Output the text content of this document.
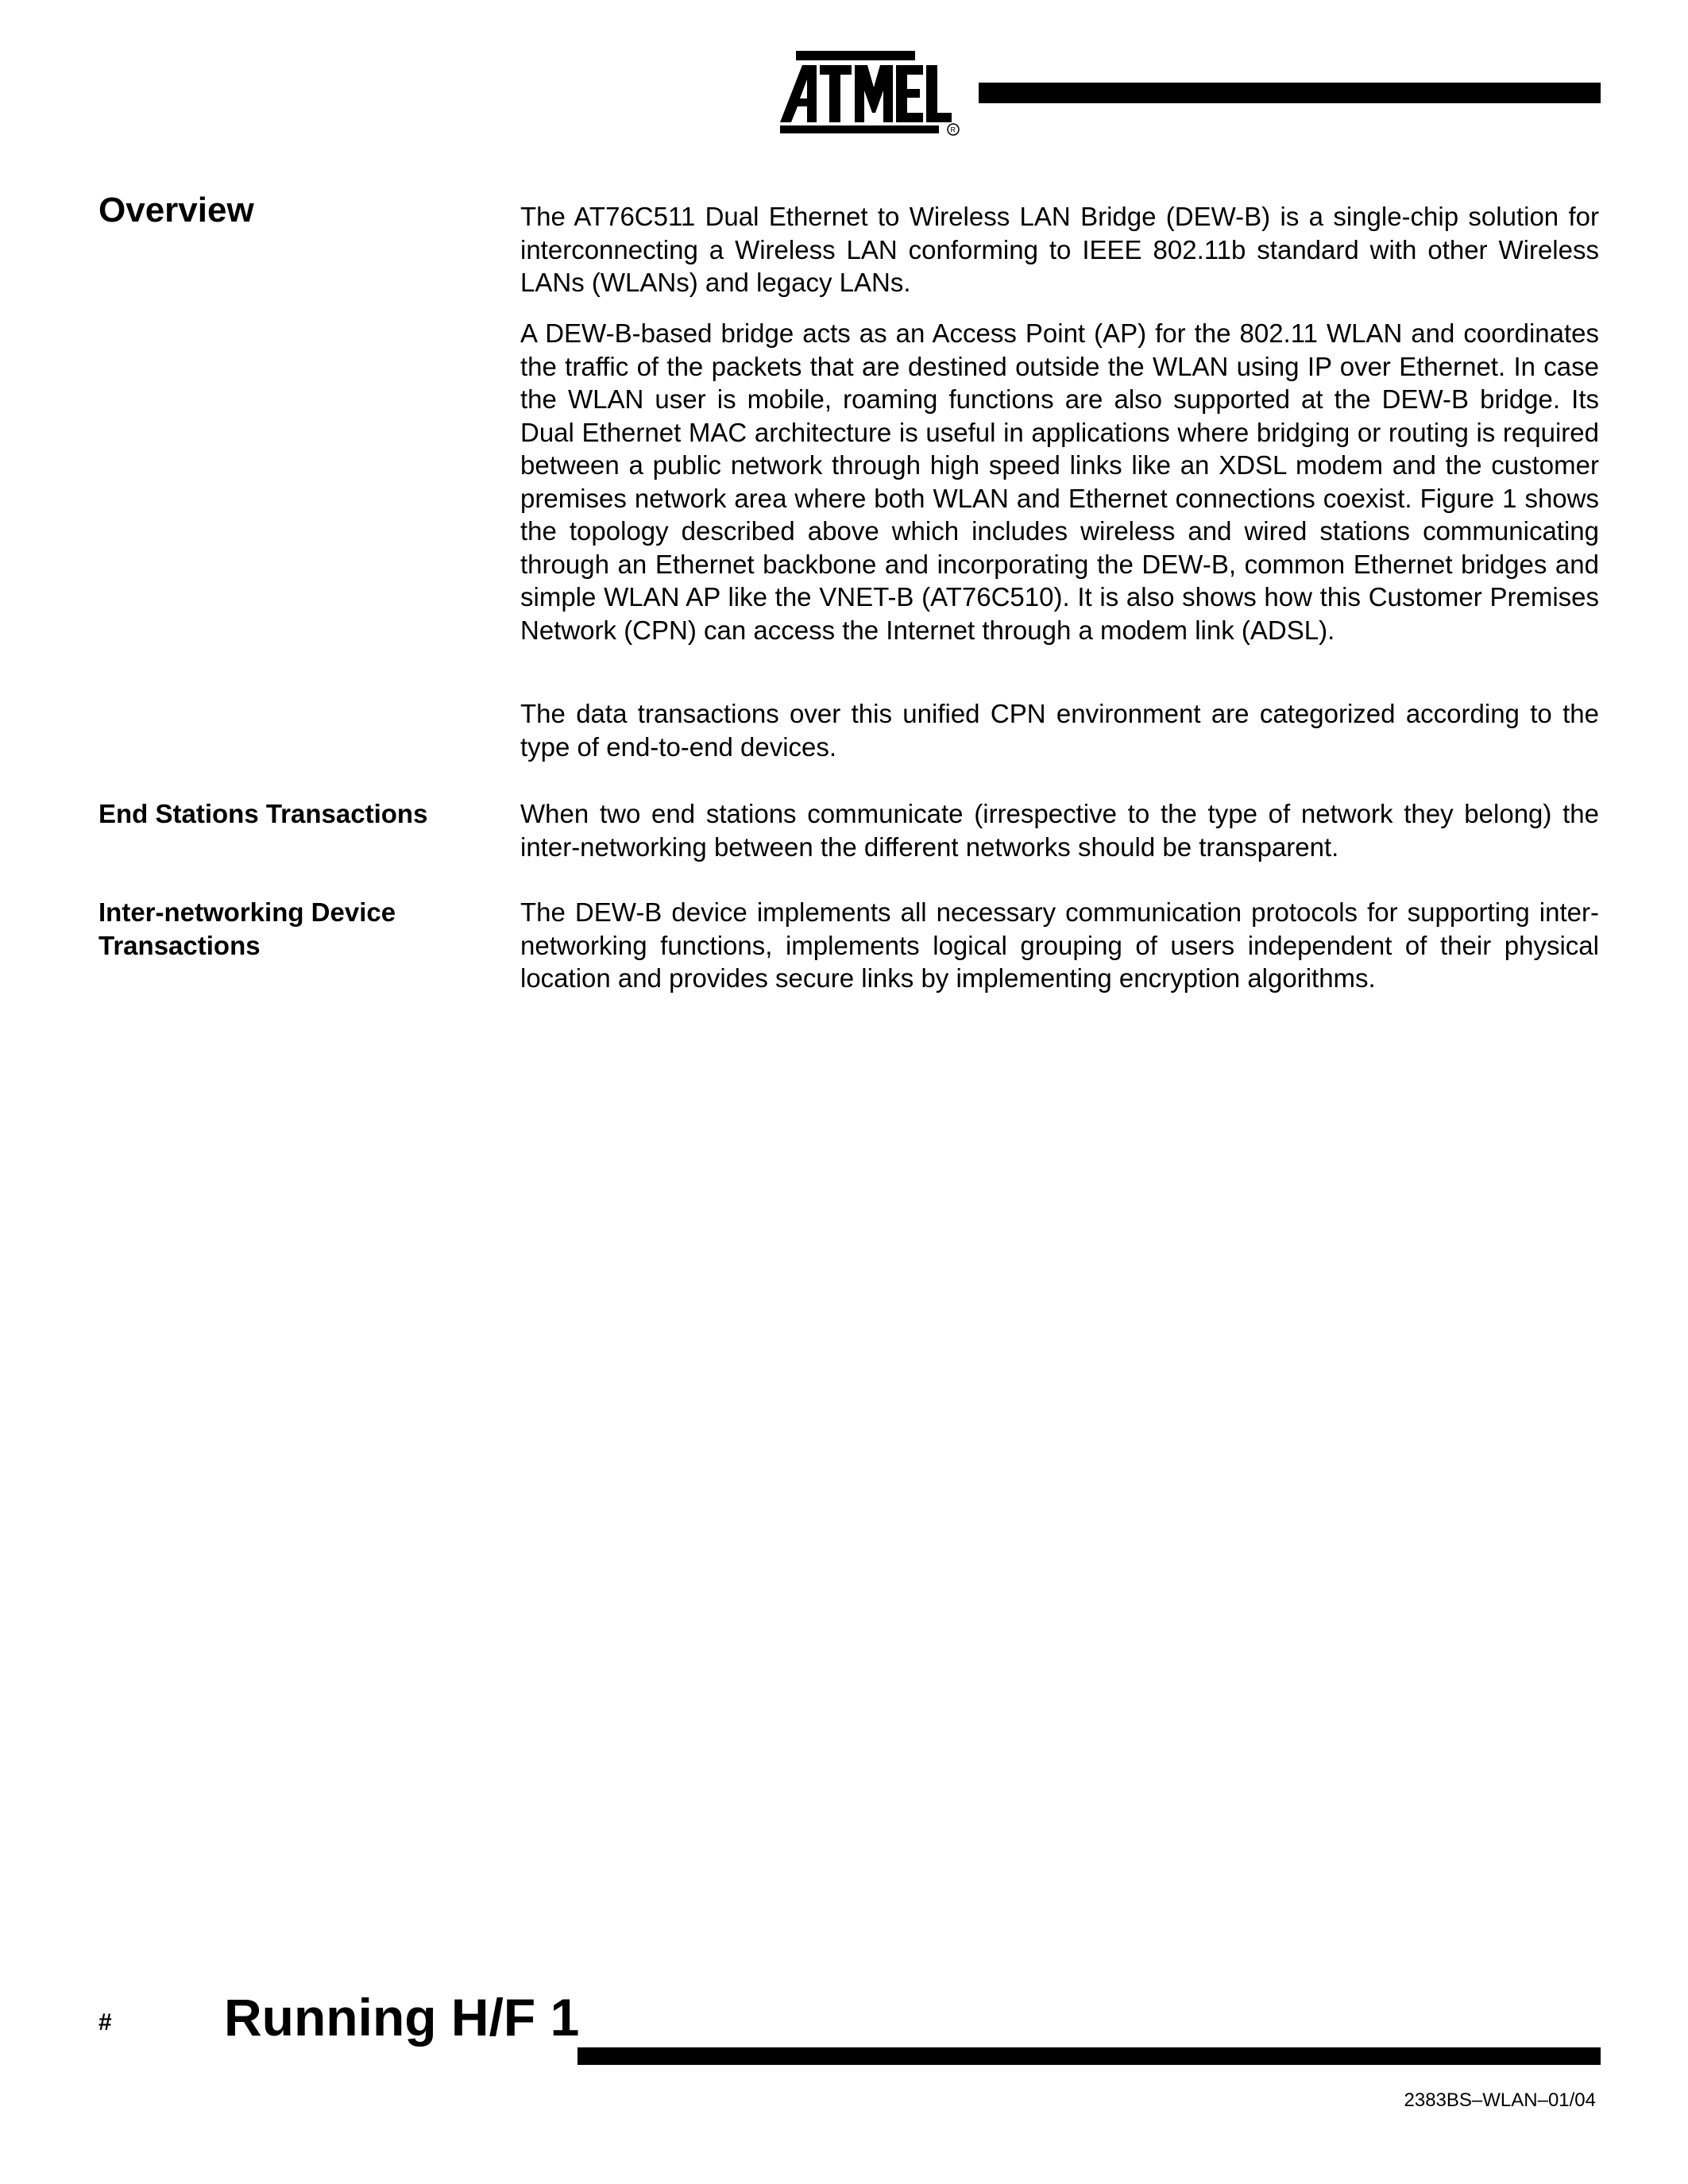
R
Overview	The AT76C511 Dual Ethernet to Wireless LAN Bridge (DEW-B) is a single-chip solution for interconnecting a Wireless LAN conforming to IEEE 802.11b standard with other Wireless LANs (WLANs) and legacy LANs.

A DEW-B-based bridge acts as an Access Point (AP) for the 802.11 WLAN and coordinates the traffic of the packets that are destined outside the WLAN using IP over Ethernet. In case the WLAN user is mobile, roaming functions are also supported at the DEW-B bridge. Its Dual Ethernet MAC architecture is useful in applications where bridging or routing is required between a public network through high speed links like an XDSL modem and the customer premises network area where both WLAN and Ethernet connections coexist. Figure 1 shows the topology described above which includes wireless and wired stations communicating through an Ethernet backbone and incorporating the DEW-B, common Ethernet bridges and simple WLAN AP like the VNET-B (AT76C510). It is also shows how this Customer Premises Network (CPN) can access the Internet through a modem link (ADSL).

The data transactions over this unified CPN environment are categorized according to the type of end-to-end devices.

End Stations Transactions	When two end stations communicate (irrespective to the type of network they belong) the inter-networking between the different networks should be transparent.

Inter-networking Device
Transactions

The DEW-B device implements all necessary communication protocols for supporting inter-networking functions, implements logical grouping of users independent of their physical location and provides secure links by implementing encryption algorithms.

# Running H/F 1
2383BS–WLAN–01/04
